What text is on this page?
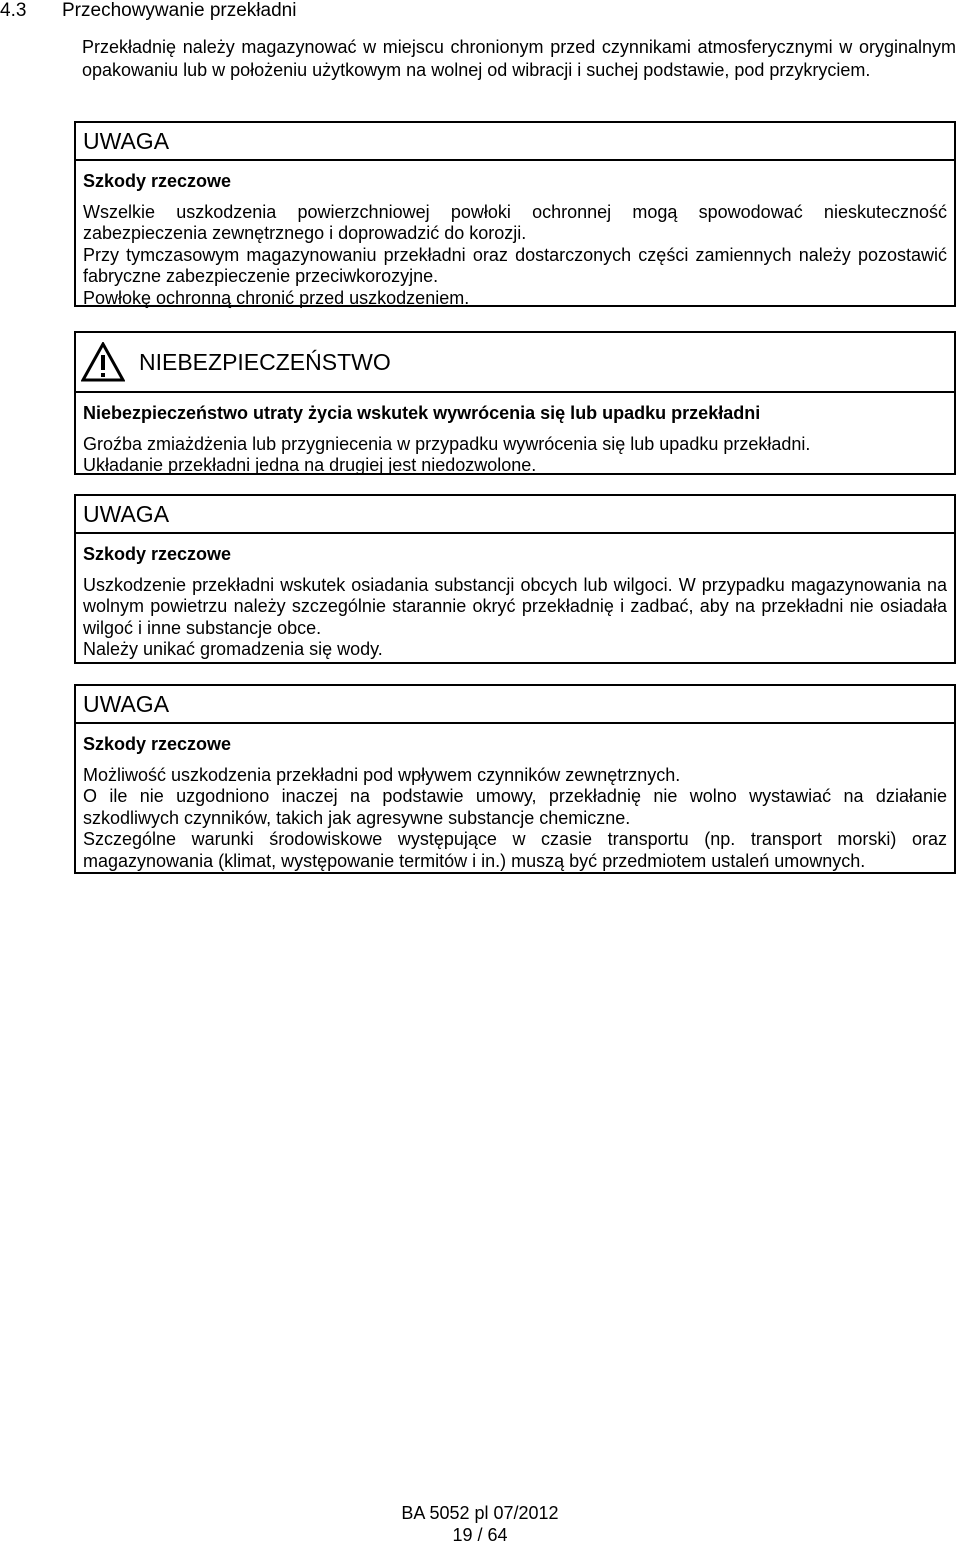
4.3 Przechowywanie przekładni

Przekładnię należy magazynować w miejscu chronionym przed czynnikami atmosferycznymi w oryginalnym opakowaniu lub w położeniu użytkowym na wolnej od wibracji i suchej podstawie, pod przykryciem.

UWAGA
Szkody rzeczowe

Wszelkie uszkodzenia powierzchniowej powłoki ochronnej mogą spowodować nieskuteczność zabezpieczenia zewnętrznego i doprowadzić do korozji.

Przy tymczasowym magazynowaniu przekładni oraz dostarczonych części zamiennych należy pozostawić fabryczne zabezpieczenie przeciwkorozyjne.

Powłokę ochronną chronić przed uszkodzeniem.

NIEBEZPIECZEŃSTWO
Niebezpieczeństwo utraty życia wskutek wywrócenia się lub upadku przekładni

Groźba zmiażdżenia lub przygniecenia w przypadku wywrócenia się lub upadku przekładni.

Układanie przekładni jedna na drugiej jest niedozwolone.

UWAGA
Szkody rzeczowe

Uszkodzenie przekładni wskutek osiadania substancji obcych lub wilgoci. W przypadku magazynowania na wolnym powietrzu należy szczególnie starannie okryć przekładnię i zadbać, aby na przekładni nie osiadała wilgoć i inne substancje obce.

Należy unikać gromadzenia się wody.

UWAGA
Szkody rzeczowe

Możliwość uszkodzenia przekładni pod wpływem czynników zewnętrznych.

O ile nie uzgodniono inaczej na podstawie umowy, przekładnię nie wolno wystawiać na działanie szkodliwych czynników, takich jak agresywne substancje chemiczne.

Szczególne warunki środowiskowe występujące w czasie transportu (np. transport morski) oraz magazynowania (klimat, występowanie termitów i in.) muszą być przedmiotem ustaleń umownych.

BA 5052 pl 07/2012
19 / 64
